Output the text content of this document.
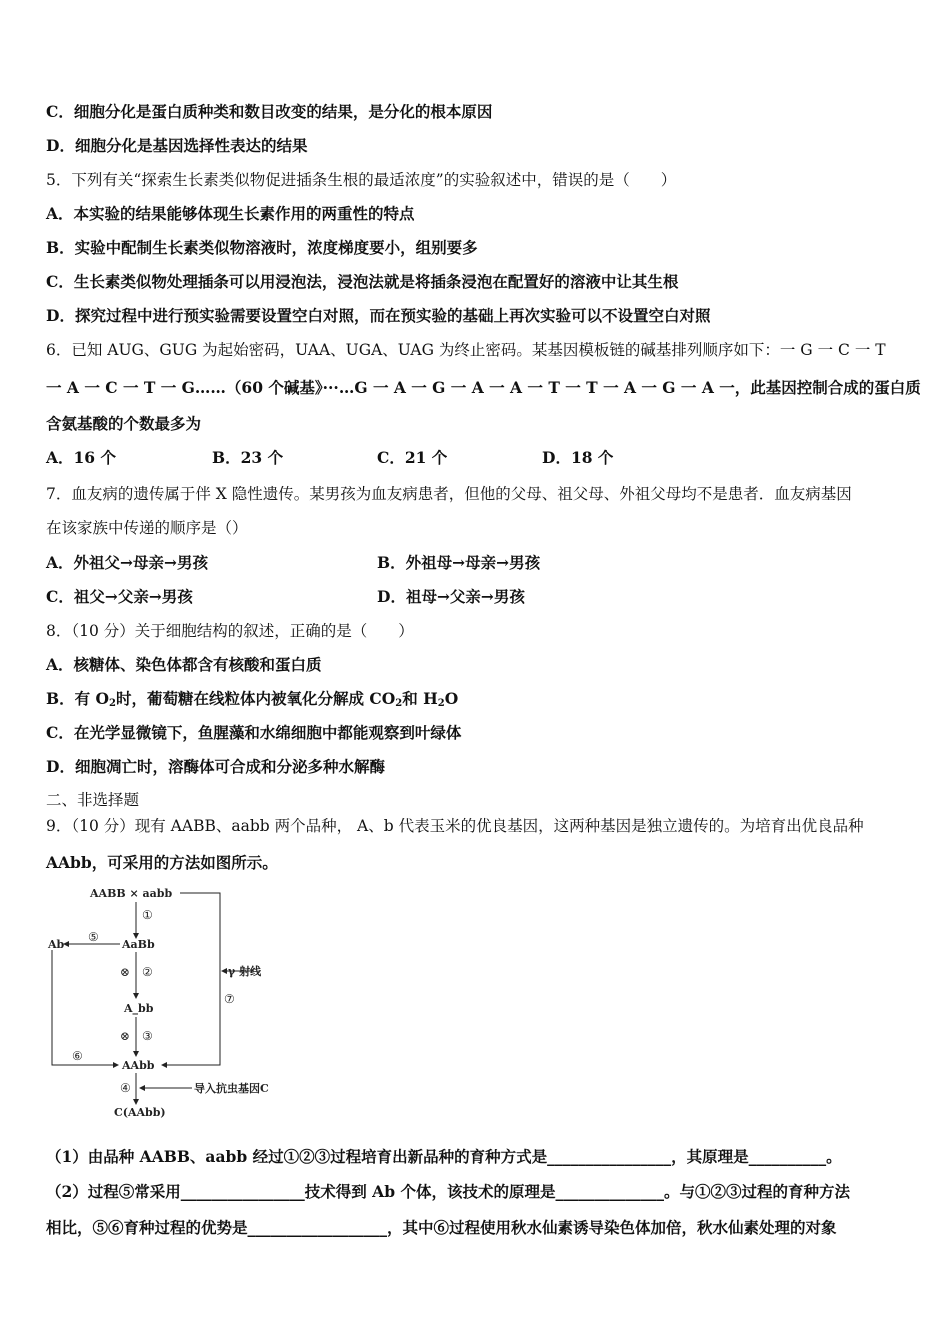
C．细胞分化是蛋白质种类和数目改变的结果，是分化的根本原因
D．细胞分化是基因选择性表达的结果
5．下列有关“探索生长素类似物促进插条生根的最适浓度”的实验叙述中，错误的是（　　）
A．本实验的结果能够体现生长素作用的两重性的特点
B．实验中配制生长素类似物溶液时，浓度梯度要小，组别要多
C．生长素类似物处理插条可以用浸泡法，浸泡法就是将插条浸泡在配置好的溶液中让其生根
D．探究过程中进行预实验需要设置空白对照，而在预实验的基础上再次实验可以不设置空白对照
6．已知 AUG、GUG 为起始密码，UAA、UGA、UAG 为终止密码。某基因模板链的碱基排列顺序如下：一 G 一 C 一 T
一 A 一 C 一 T 一 G……（60 个碱基》···…G 一 A 一 G 一 A 一 A 一 T 一 T 一 A 一 G 一 A 一，此基因控制合成的蛋白质
含氨基酸的个数最多为
A．16 个	B．23 个	C．21 个	D．18 个
7．血友病的遗传属于伴 X 隐性遗传。某男孩为血友病患者，但他的父母、祖父母、外祖父母均不是患者．血友病基因
在该家族中传递的顺序是（）
A．外祖父→母亲→男孩	B．外祖母→母亲→男孩
C．祖父→父亲→男孩	D．祖母→父亲→男孩
8．（10 分）关于细胞结构的叙述，正确的是（　　）
A．核糖体、染色体都含有核酸和蛋白质
B．有 $O_2$时，葡萄糖在线粒体内被氧化分解成 $CO_2$和 $H_2O$
C．在光学显微镜下，鱼腥藻和水绵细胞中都能观察到叶绿体
D．细胞凋亡时，溶酶体可合成和分泌多种水解酶
二、非选择题
9．（10 分）现有 AABB、aabb 两个品种， A、b 代表玉米的优良基因，这两种基因是独立遗传的。为培育出优良品种
AAbb，可采用的方法如图所示。
AABB × aabb
①
AaBb
⑤
Ab
⊗ ②
A_bb
⊗ ③
AAbb
⑥
⑦
γ 射线
④	导入抗虫基因C
C(AAbb)
（1）由品种 AABB、aabb 经过①②③过程培育出新品种的育种方式是________________，其原理是__________。
（2）过程⑤常采用________________技术得到 Ab 个体，该技术的原理是______________。与①②③过程的育种方法
相比，⑤⑥育种过程的优势是__________________，其中⑥过程使用秋水仙素诱导染色体加倍，秋水仙素处理的对象
